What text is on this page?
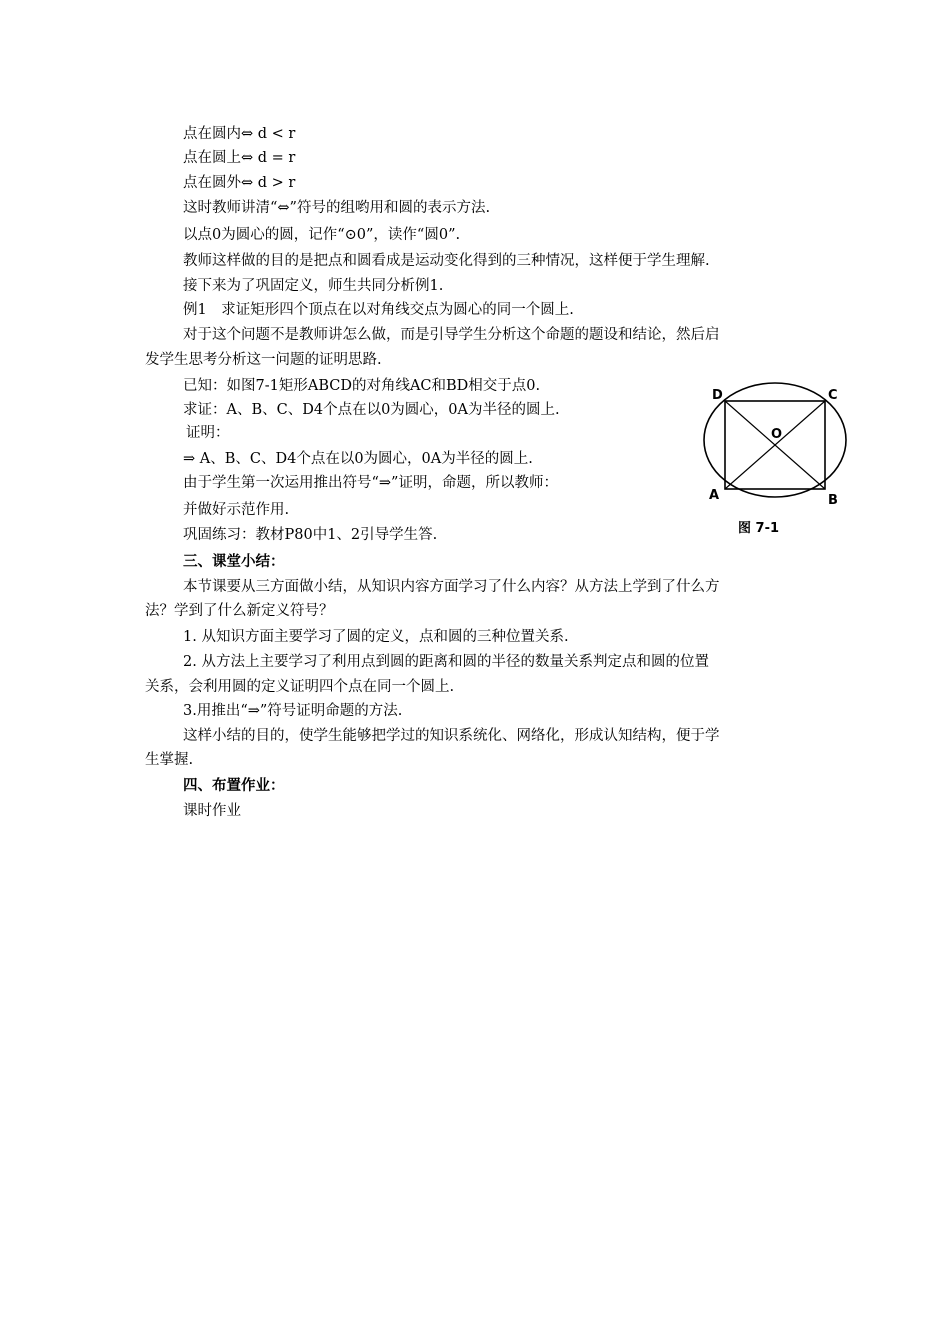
点在圆内⇔ d < r
点在圆上⇔ d = r
点在圆外⇔ d > r
这时教师讲清“⇔”符号的组哟用和圆的表示方法.
以点0为圆心的圆，记作“⊙0”，读作“圆0”.
教师这样做的目的是把点和圆看成是运动变化得到的三种情况，这样便于学生理解.
接下来为了巩固定义，师生共同分析例1.
例1　求证矩形四个顶点在以对角线交点为圆心的同一个圆上.
对于这个问题不是教师讲怎么做，而是引导学生分析这个命题的题设和结论，然后启
发学生思考分析这一问题的证明思路.
已知：如图7-1矩形ABCD的对角线AC和BD相交于点0.
求证：A、B、C、D4个点在以0为圆心，0A为半径的圆上.
证明：
⇒ A、B、C、D4个点在以0为圆心，0A为半径的圆上.
由于学生第一次运用推出符号“⇒”证明，命题，所以教师：
并做好示范作用.
巩固练习：教材P80中1、2引导学生答.
三、课堂小结：
本节课要从三方面做小结，从知识内容方面学习了什么内容？从方法上学到了什么方
法？学到了什么新定义符号？
1. 从知识方面主要学习了圆的定义，点和圆的三种位置关系.
2. 从方法上主要学习了利用点到圆的距离和圆的半径的数量关系判定点和圆的位置
关系，会利用圆的定义证明四个点在同一个圆上.
3.用推出“⇒”符号证明命题的方法.
这样小结的目的，使学生能够把学过的知识系统化、网络化，形成认知结构，便于学
生掌握.
四、布置作业：
课时作业
D	C
A	B
O
图 7-1
